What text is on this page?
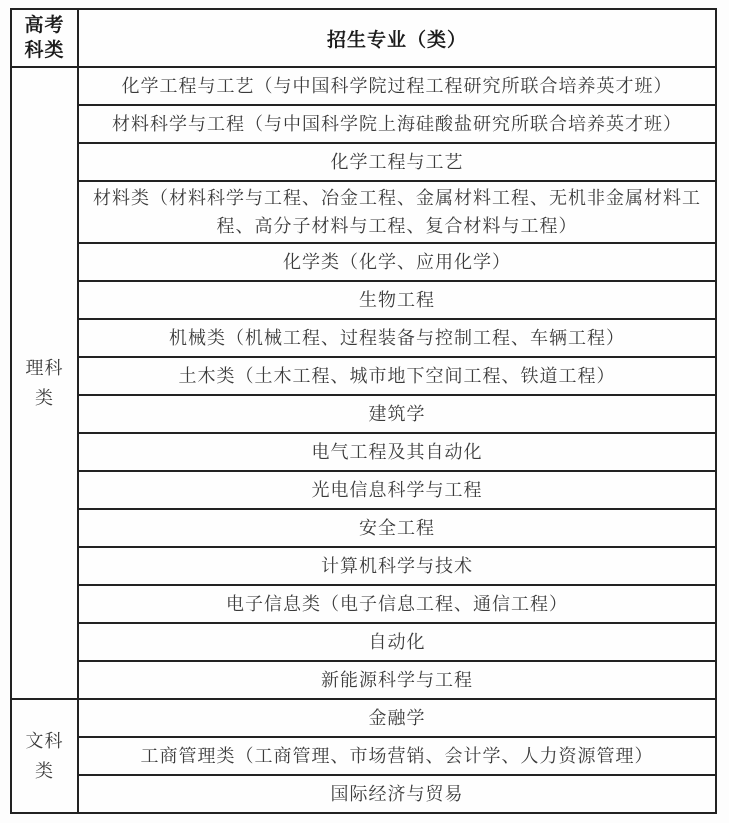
高考科类	招生专业（类）
理科类	化学工程与工艺（与中国科学院过程工程研究所联合培养英才班）
	材料科学与工程（与中国科学院上海硅酸盐研究所联合培养英才班）
	化学工程与工艺
	材料类（材料科学与工程、冶金工程、金属材料工程、无机非金属材料工程、高分子材料与工程、复合材料与工程）
	化学类（化学、应用化学）
	生物工程
	机械类（机械工程、过程装备与控制工程、车辆工程）
	土木类（土木工程、城市地下空间工程、铁道工程）
	建筑学
	电气工程及其自动化
	光电信息科学与工程
	安全工程
	计算机科学与技术
	电子信息类（电子信息工程、通信工程）
	自动化
	新能源科学与工程
文科类	金融学
	工商管理类（工商管理、市场营销、会计学、人力资源管理）
	国际经济与贸易
